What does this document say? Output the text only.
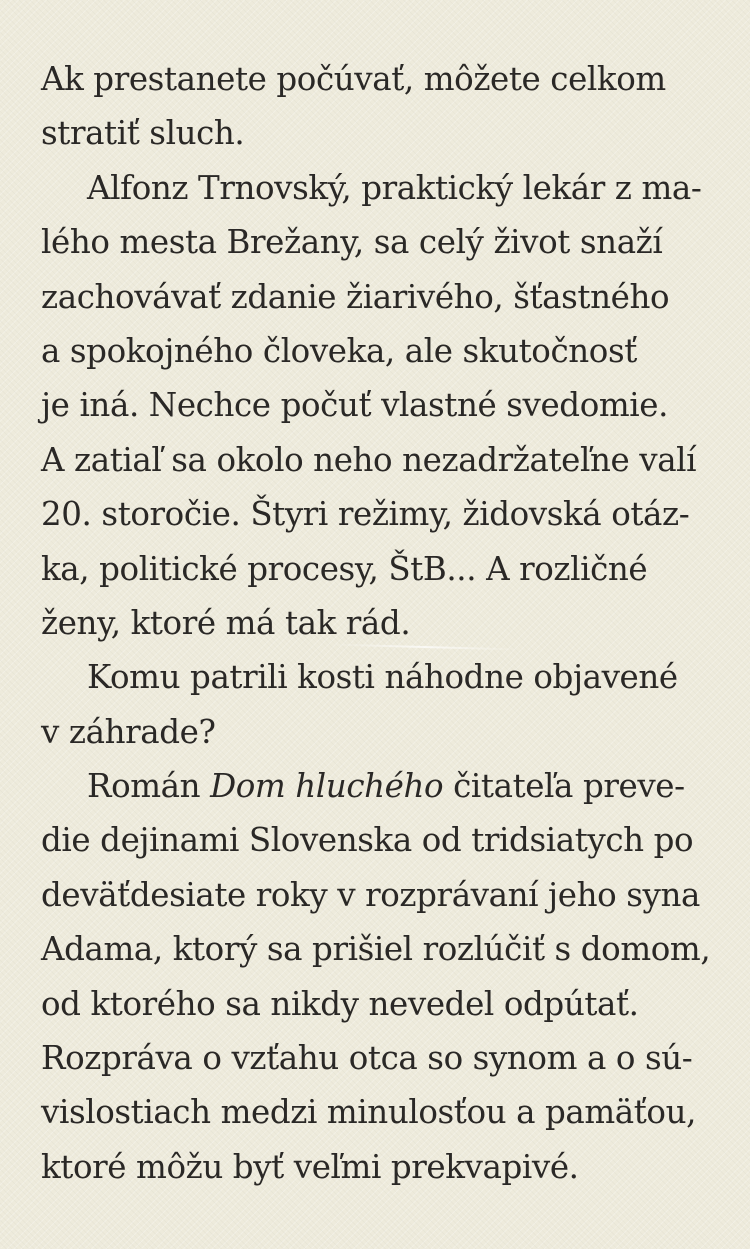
Ak prestanete počúvať, môžete celkom
stratiť sluch.
Alfonz Trnovský, praktický lekár z ma-
lého mesta Brežany, sa celý život snaží
zachovávať zdanie žiarivého, šťastného
a spokojného človeka, ale skutočnosť
je iná. Nechce počuť vlastné svedomie.
A zatiaľ sa okolo neho nezadržateľne valí
20. storočie. Štyri režimy, židovská otáz-
ka, politické procesy, ŠtB... A rozličné
ženy, ktoré má tak rád.
Komu patrili kosti náhodne objavené
v záhrade?
Román Dom hluchého čitateľa preve-
die dejinami Slovenska od tridsiatych po
deväťdesiate roky v rozprávaní jeho syna
Adama, ktorý sa prišiel rozlúčiť s domom,
od ktorého sa nikdy nevedel odpútať.
Rozpráva o vzťahu otca so synom a o sú-
vislostiach medzi minulosťou a pamäťou,
ktoré môžu byť veľmi prekvapivé.
